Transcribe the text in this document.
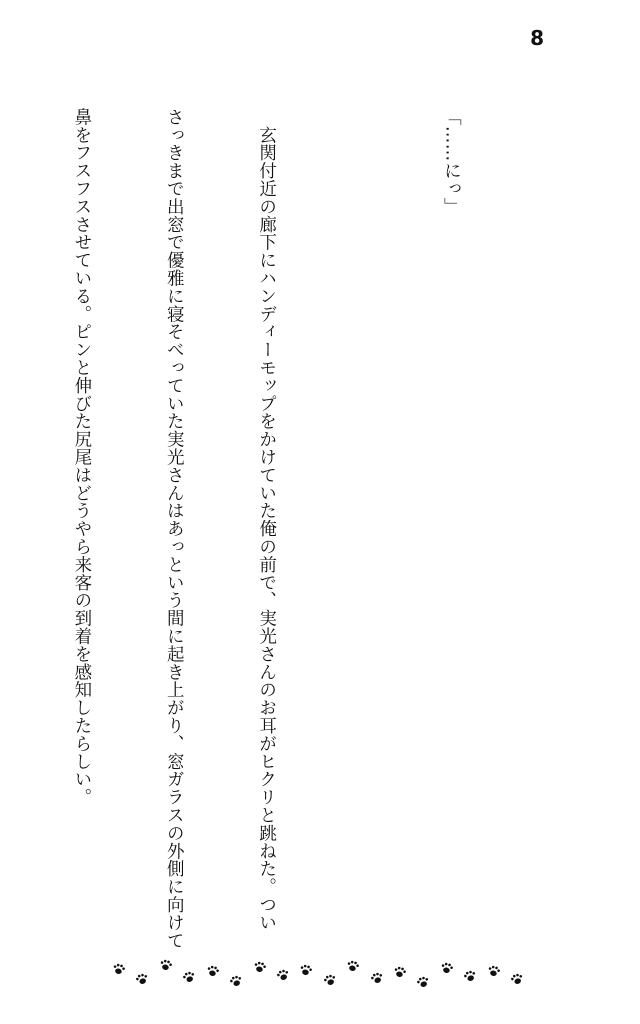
8

「……にっ」

　玄関付近の廊下にハンディーモップをかけていた俺の前で、実光さんのお耳がヒクリと跳ねた。つい

さっきまで出窓で優雅に寝そべっていた実光さんはあっという間に起き上がり、窓ガラスの外側に向けて

鼻をフスフスさせている。ピンと伸びた尻尾はどうやら来客の到着を感知したらしい。
